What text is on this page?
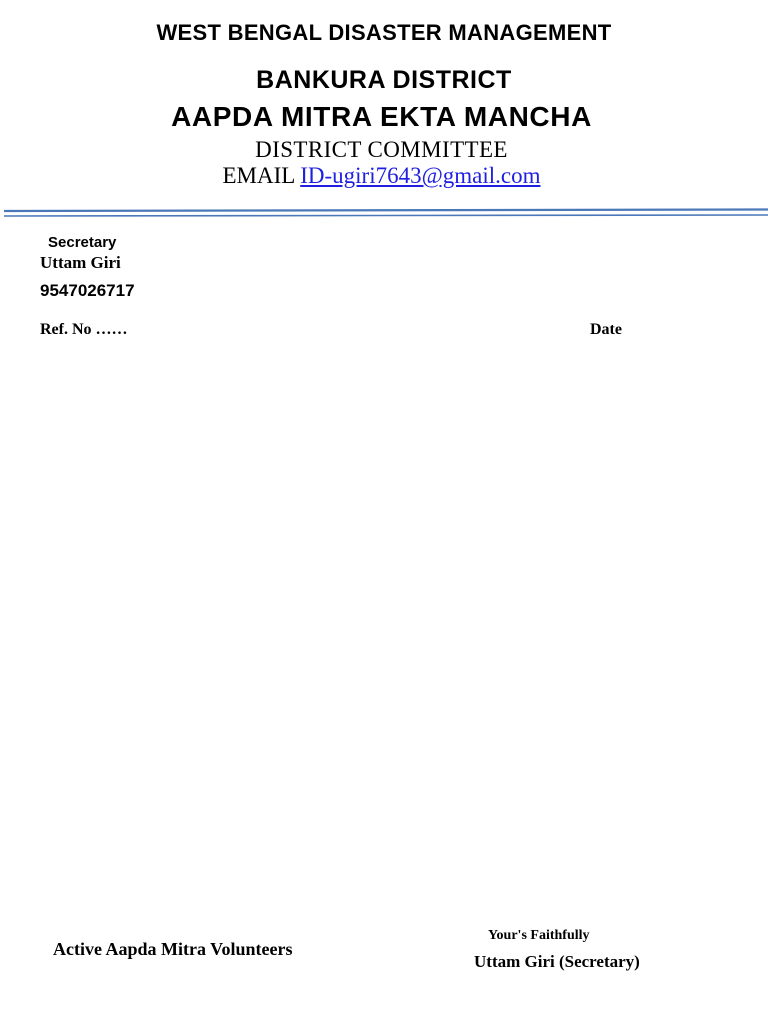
WEST BENGAL DISASTER MANAGEMENT
BANKURA DISTRICT
AAPDA MITRA EKTA MANCHA
DISTRICT COMMITTEE
EMAIL ID-ugiri7643@gmail.com
Secretary
Uttam Giri
9547026717
Ref. No ……	Date
Active Aapda Mitra Volunteers
Your's Faithfully
Uttam Giri (Secretary)
